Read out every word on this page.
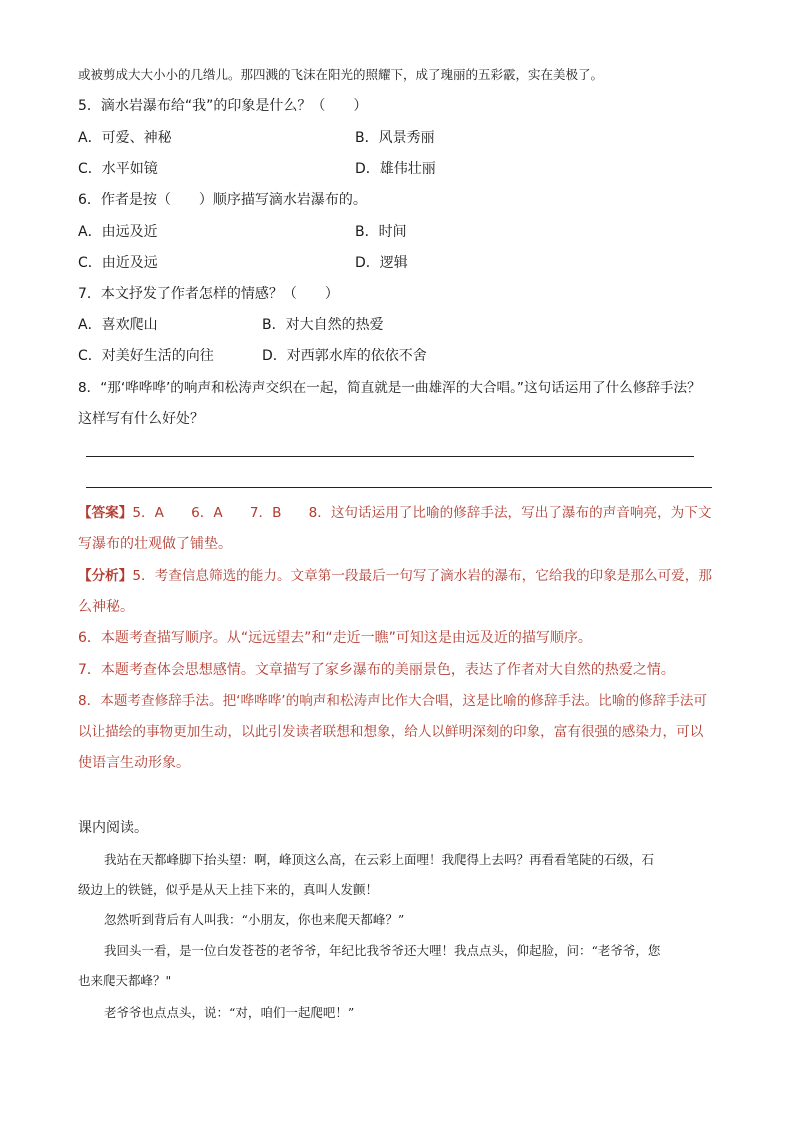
或被剪成大大小小的几绺儿。那四溅的飞沫在阳光的照耀下，成了瑰丽的五彩霰，实在美极了。
5．滴水岩瀑布给“我”的印象是什么？（　　）
A．可爱、神秘	B．风景秀丽
C．水平如镜	D．雄伟壮丽
6．作者是按（　　）顺序描写滴水岩瀑布的。
A．由远及近	B．时间
C．由近及远	D．逻辑
7．本文抒发了作者怎样的情感？（　　）
A．喜欢爬山	B．对大自然的热爱
C．对美好生活的向往	D．对西郭水库的依依不舍
8．“那‘哗哗哗’的响声和松涛声交织在一起，简直就是一曲雄浑的大合唱。”这句话运用了什么修辞手法？
这样写有什么好处？
【答案】5．A　　6．A　　7．B　　8．这句话运用了比喻的修辞手法，写出了瀑布的声音响亮，为下文
写瀑布的壮观做了铺垫。
【分析】5．考查信息筛选的能力。文章第一段最后一句写了滴水岩的瀑布，它给我的印象是那么可爱，那
么神秘。
6．本题考查描写顺序。从“远远望去”和“走近一瞧”可知这是由远及近的描写顺序。
7．本题考查体会思想感情。文章描写了家乡瀑布的美丽景色，表达了作者对大自然的热爱之情。
8．本题考查修辞手法。把‘哗哗哗’的响声和松涛声比作大合唱，这是比喻的修辞手法。比喻的修辞手法可
以让描绘的事物更加生动，以此引发读者联想和想象，给人以鲜明深刻的印象，富有很强的感染力，可以
使语言生动形象。
课内阅读。
我站在天都峰脚下抬头望：啊，峰顶这么高，在云彩上面哩！我爬得上去吗？再看看笔陡的石级，石
级边上的铁链，似乎是从天上挂下来的，真叫人发颤！
忽然听到背后有人叫我：“小朋友，你也来爬天都峰？”
我回头一看，是一位白发苍苍的老爷爷，年纪比我爷爷还大哩！我点点头，仰起脸，问：“老爷爷，您
也来爬天都峰？"
老爷爷也点点头，说：“对，咱们一起爬吧！”
